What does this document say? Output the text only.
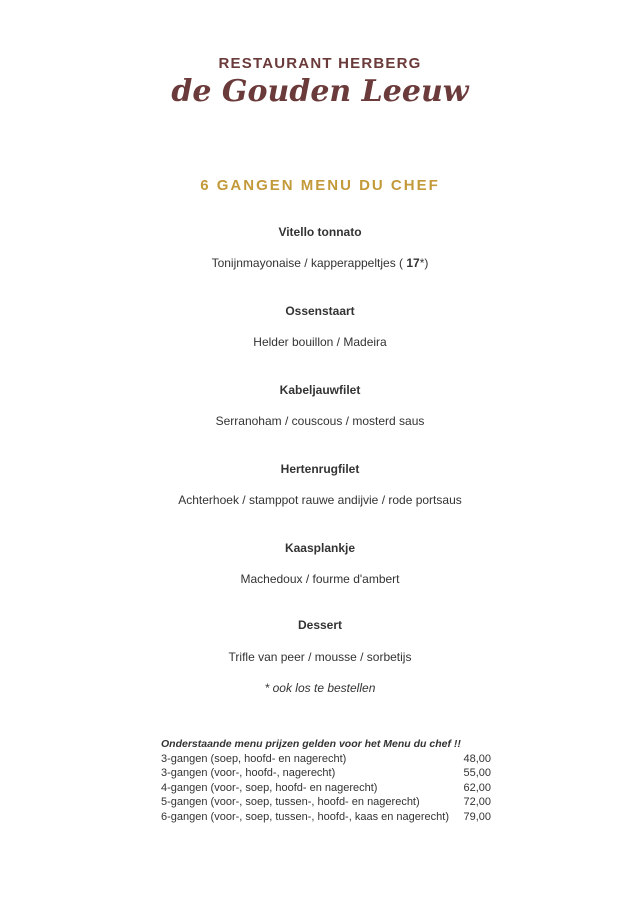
RESTAURANT HERBERG
de Gouden Leeuw
6 GANGEN MENU DU CHEF
Vitello tonnato
Tonijnmayonaise / kapperappeltjes ( 17*)
Ossenstaart
Helder bouillon / Madeira
Kabeljauwfilet
Serranoham / couscous / mosterd saus
Hertenrugfilet
Achterhoek / stamppot rauwe andijvie / rode portsaus
Kaasplankje
Machedoux / fourme d'ambert
Dessert
Trifle van peer / mousse / sorbetijs
* ook los te bestellen
Onderstaande menu prijzen gelden voor het Menu du chef !!
3-gangen (soep, hoofd- en nagerecht)	48,00
3-gangen (voor-, hoofd-, nagerecht)	55,00
4-gangen (voor-, soep, hoofd- en nagerecht)	62,00
5-gangen (voor-, soep, tussen-, hoofd- en nagerecht)	72,00
6-gangen (voor-, soep, tussen-, hoofd-, kaas en nagerecht) 79,00
